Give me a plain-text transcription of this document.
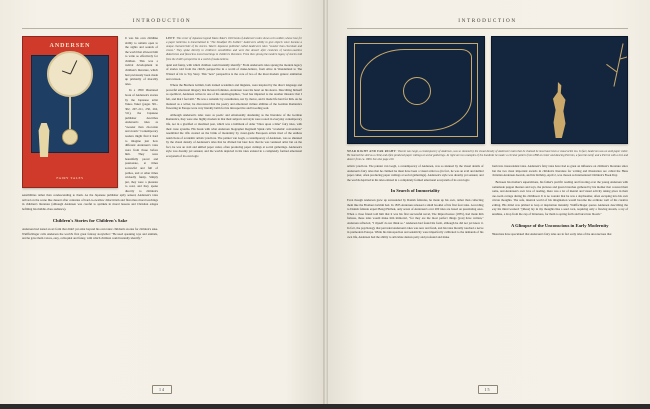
INTRODUCTION
ANDERSEN
FAIRY TALES

It was his own childlike ability to remain open to the sights and sounds of the world that allowed him to write so effectively for children. This was a radical development in children's literature, which had previously been made up primarily of morality tales.

In a 1859 illustrated book of Andersen's stories by the Japanese artist Takeo Takei (pages 301–302, 207–211, 250, 262, 311), the Japanese publisher describes Andersen's tales as "sweeter than chocolate and cream." Contemporary readers might find it hard to imagine just how different Andersen's tales were from those before him. They were beautifully paced and passionate, at times sorrowful and full of pathos, and at other times wickedly funny. Simply put, they were a pleasure to read, and they spoke directly to children's sensibilities rather than condescending to them. As the Japanese publisher aptly sensed, Andersen's tales arrived on the scene like dessert after centuries of hard-to-swallow didacticism and flavorless moral teachings in children's literature (although Andersen was careful to sprinkle in moral lessons and Christian adages befitting his middle-class audience).

Children's Stories for Children's Sake

Andersen had tasted an art form that didn't yet exist beyond his own tales: children's stories for children's sake. Wulffschlager calls Andersen the world's first great fantasy storyteller: "He used speaking toys and animals, and he gave them voices, easy, colloquial and funny, with which children could instantly identify."

LEFT: This cover of Japanese legend Takeo Takei's 1929 book of Andersen's tales shows a tin soldier, whose love for a paper ballerina is immortalized in "The Steadfast Tin Soldier." Andersen's ability to give objects voice became a unique characteristic of his stories. Takei's Japanese publisher called Andersen's tales "sweeter than chocolate and cream." They spoke directly to children's sensibilities and were like dessert after centuries of hard-to-swallow didacticism and flavorless moral teachings in children's literature. From then sprang the modern legacy of stories told from the child's perspective in a world of make-believe.

quial and funny, with which children could instantly identify." From Andersen's tales sprang the modern legacy of stories told from the child's perspective in a world of make-believe, from Alice in Wonderland to The Wizard of Oz to Toy Story. This "new" perspective is the core of two of the most modern genres: animation and cartoon.

Where the Brothers Grimm, both trained academics and linguists, were inspired by the direct language and powerful emotional imagery that Revered folktales, Andersen wore his heart on his sleeve. Describing himself as apolitical, Andersen writes in one of his autobiographies, "God has imparted to me another mission: that I felt, and that I feel still." He was a romantic by constitution, not by choice, and it made life hard for him. As he matured as a writer, he discovered that the poetry and emotional vulture abilities of the German Romantics flowering in Europe were very literally balm for his introspective and brooding soul.

Although Andersen's tales were as poetic and emotionally deadening as the literature of the German Romantics, they were also highly modern in that their subjects and style were rooted in everyday contemporary life, not in a glorified or idealized past, which was a hallmark of older "Once upon a time" fairy tales, with their caste systems. His break with what Andersen biographer Reginald Spink calls "academic conventions" resembled the rifts created on the brink of modernity by avant-garde European artists tired of the endless restrictions of academic artistic practices. The painter van Gogh, a contemporary of Andersen, was so shunned by the visual density of Andersen's tales that he divined but later how that he was ventured artist but on the fact, he was an avid and skilled paper cutter, often producing paper cuttings at social gatherings. Andersen's style was dreamy yet sensual, and the worlds depicted in his tales existed in a completely formed emotional ecosystem of its own logic.

14
INTRODUCTION

NEAR RIGHT AND FAR RIGHT: Vincent van Gogh, a contemporary of Andersen, was so stunned by the visual density of Andersen's tales that he claimed he must have been a visual artist too. In fact, Andersen was an avid paper cutter. He learned the skill as a child, and often produced paper cuttings at social gatherings. At right are two examples of the hundreds he made: a circular pattern from 1868 at center and dancing Pierrots, a favorite motif, and a Pierrot with a tree and dancer from ca. 1860. See also page 229.

artistic practices. The painter van Gogh, a contemporary of Andersen, was so stunned by the visual details of Andersen's fairy tales that he claimed he must have been a visual artist too (in fact, he was an avid and skilled paper cutter, often producing paper cuttings at social gatherings). Andersen's style was dreamy yet sensual, and the worlds depicted in his tales existed in a completely formed emotional ecosystem of its own logic.

In Search of Immortality

Even though Andersen grew up surrounded by Danish folktales, he made up his own, rather than collecting them like the Brothers Grimm had. In 1835 Andersen released a small booklet of his first four tales. According to Danish folktale expert Bengt Holbek, only seven of Andersen's over 200 tales are based on preexisting ones. When a close friend told him that it was his first successful novel, The Improvisatore (1835), had made him famous, these tales would make him immortal, "for they are the most perfect things [you] have written," Andersen reflected, "I myself do not think so." Andersen had found his form, although he did not yet know it. In fact, the psychology that pervaded Andersen's tales was new and fresh, and his tales literally touched a nerve in premodern Europe. While his introspection and sensitivity were imperfectly calibrated to the demands of his own life, Andersen had the ability to articulate desires petty and profound and make

them into transcendent tales. Andersen's fairy tales have had as great an influence on children's literature since that the two most important awards in children's literature for writing and illustration are called the Hans Christian Andersen Awards, and his birthday, April 2, was chosen as International Children's Book Day.

Between his mother's superstitions, his father's prolific reading and favoring over the young Andersen with homemade puppet theaters and toys, the pictures and green branches gathered by his mother that covered their home, and Andersen's own love of reading, there was a lot of mental and visual activity taking place in their one-room cottage during his childhood. It is no wonder that he was a daydreamer, often escaping into his own private thoughts. The safe, internal world of his imagination would become the ordinate well of his creative writing. His mind was primed to leap at inspiration instantly. Wulffschlager quotes Andersen describing the way his mind worked: "[Ideas] lay in my thoughts like a seed corn, requiring only a flowing stream, a ray of sunshine, a drop from the cup of bitterness, for them to spring forth and burst into bloom."

A Glimpse of the Unconscious in Early Modernity

Historians have speculated that Andersen's fairy tales are in fact early tales of the unconscious that

15
